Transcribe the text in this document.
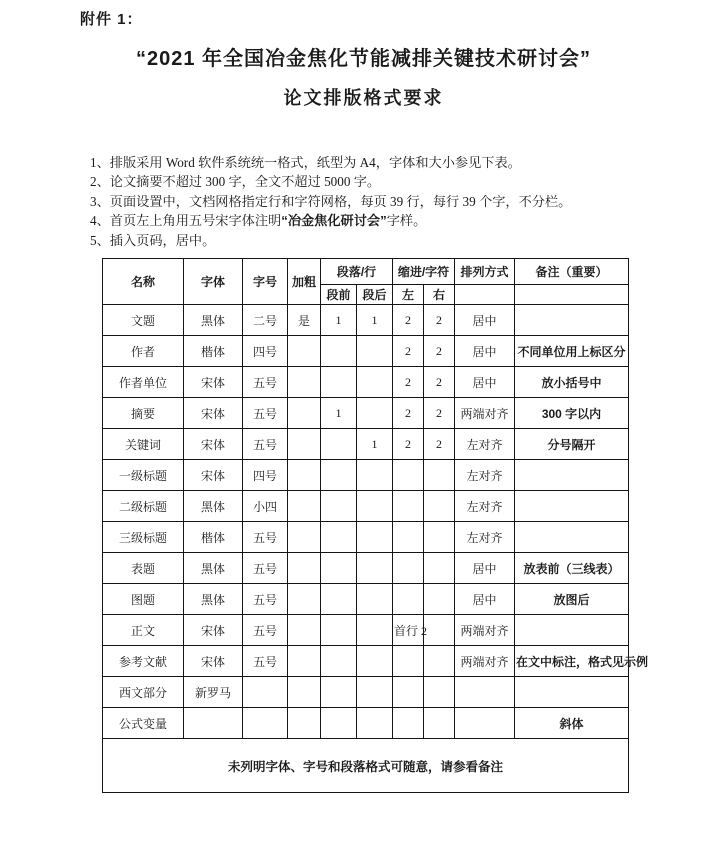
附件 1：
“2021 年全国冶金焦化节能减排关键技术研讨会”
论文排版格式要求
1、排版采用 Word 软件系统统一格式，纸型为 A4，字体和大小参见下表。
2、论文摘要不超过 300 字，全文不超过 5000 字。
3、页面设置中，文档网格指定行和字符网格，每页 39 行，每行 39 个字，不分栏。
4、首页左上角用五号宋字体注明“冶金焦化研讨会”字样。
5、插入页码，居中。
名称	字体	字号	加粗	段落/行		缩进/字符		排列方式	备注（重要）
				段前	段后	左	右		
文题	黑体	二号	是	1	1	2	2	居中	
作者	楷体	四号				2	2	居中	不同单位用上标区分
作者单位	宋体	五号				2	2	居中	放小括号中
摘要	宋体	五号		1		2	2	两端对齐	300 字以内
关键词	宋体	五号			1	2	2	左对齐	分号隔开
一级标题	宋体	四号						左对齐	
二级标题	黑体	小四						左对齐	
三级标题	楷体	五号						左对齐	
表题	黑体	五号						居中	放表前（三线表）
图题	黑体	五号						居中	放图后
正文	宋体	五号				首行 2		两端对齐	
参考文献	宋体	五号						两端对齐	在文中标注，格式见示例
西文部分	新罗马								
公式变量									斜体
未列明字体、字号和段落格式可随意，请参看备注									
